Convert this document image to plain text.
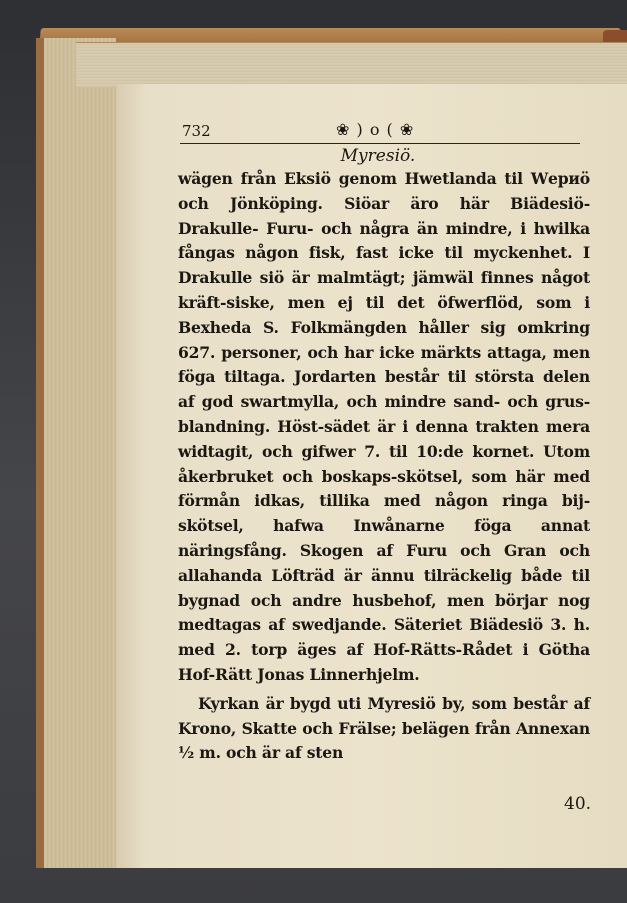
732	❀ ) o ( ❀
Myresiö.

wägen från Eksiö genom Hwetlanda til Wериö och Jönköping. Siöar äro här Biädesiö- Drakulle- Furu- och några än mindre, i hwilka fångas någon fisk, fast icke til myckenhet. I Drakulle siö är malmtägt; jämwäl finnes något kräft-siske, men ej til det öfwerflöd, som i Bexheda S. Folkmängden håller sig omkring 627. personer, och har icke märkts attaga, men föga tiltaga. Jordarten består til största delen af god swartmylla, och mindre sand- och grus-blandning. Höst-sädet är i denna trakten mera widtagit, och gifwer 7. til 10:de kornet. Utom åkerbruket och boskaps-skötsel, som här med förmån idkas, tillika med någon ringa bij-skötsel, hafwa Inwånarne föga annat näringsfång. Skogen af Furu och Gran och allahanda Löfträd är ännu tilräckelig både til bygnad och andre husbehof, men börjar nog medtagas af swedjande. Säteriet Biädesiö 3. h. med 2. torp äges af Hof-Rätts-Rådet i Götha Hof-Rätt Jonas Linnerhjelm.

Kyrkan är bygd uti Myresiö by, som består af Krono, Skatte och Frälse; belägen från Annexan ½ m. och är af sten

40.
